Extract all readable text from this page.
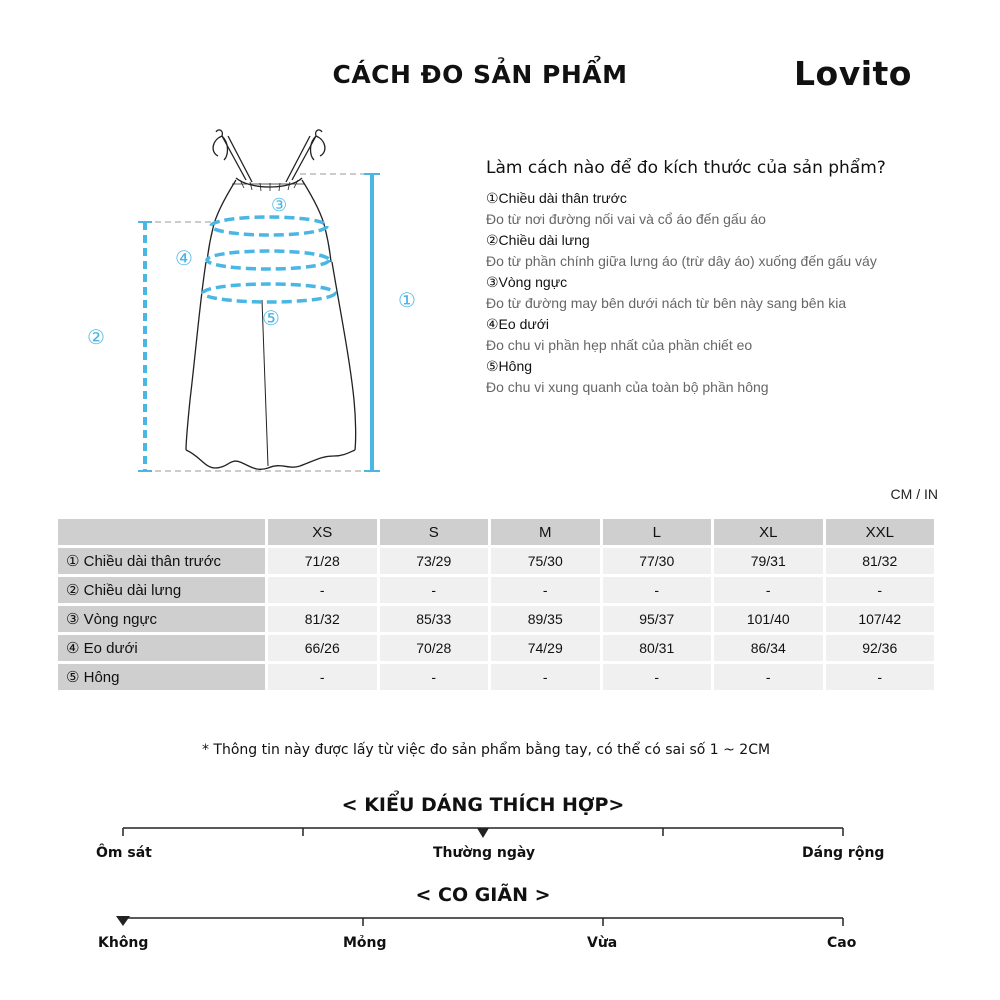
CÁCH ĐO SẢN PHẨM	Lovito
①
②
③
④
⑤
Làm cách nào để đo kích thước của sản phẩm?
①Chiều dài thân trước
Đo từ nơi đường nối vai và cổ áo đến gấu áo
②Chiều dài lưng
Đo từ phần chính giữa lưng áo (trừ dây áo) xuống đến gấu váy
③Vòng ngực
Đo từ đường may bên dưới nách từ bên này sang bên kia
④Eo dưới
Đo chu vi phần hẹp nhất của phần chiết eo
⑤Hông
Đo chu vi xung quanh của toàn bộ phần hông
CM / IN
	XS	S	M	L	XL	XXL
① Chiều dài thân trước	71/28	73/29	75/30	77/30	79/31	81/32
② Chiều dài lưng	-	-	-	-	-	-
③ Vòng ngực	81/32	85/33	89/35	95/37	101/40	107/42
④ Eo dưới	66/26	70/28	74/29	80/31	86/34	92/36
⑤ Hông	-	-	-	-	-	-
* Thông tin này được lấy từ việc đo sản phẩm bằng tay, có thể có sai số 1 ~ 2CM
< KIỂU DÁNG THÍCH HỢP>
Ôm sát	Thường ngày	Dáng rộng
< CO GIÃN >
Không	Mỏng	Vừa	Cao
